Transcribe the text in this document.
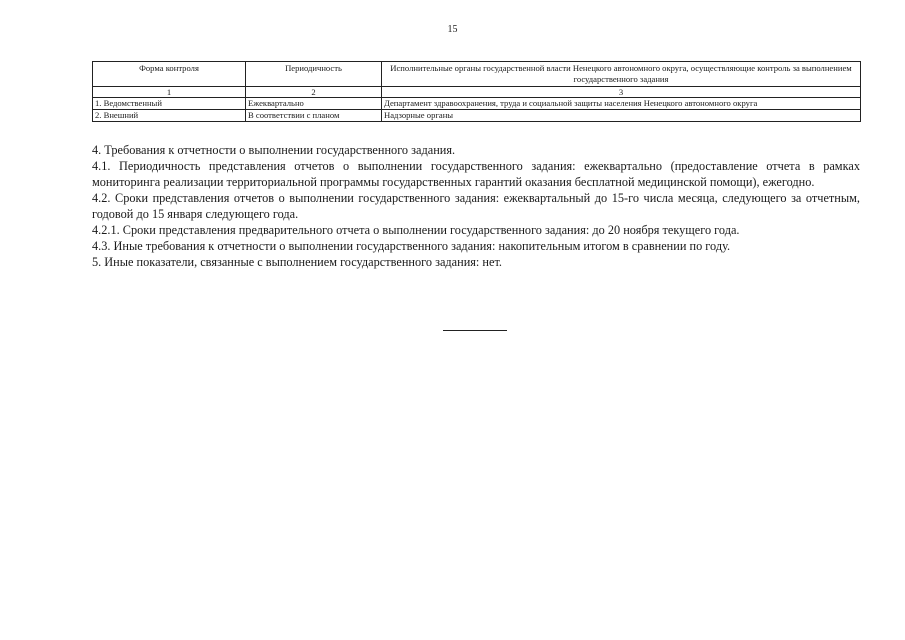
15
Форма контроля	Периодичность	Исполнительные органы государственной власти Ненецкого автономного округа, осуществляющие контроль за выполнением государственного задания
1	2	3
1. Ведомственный	Ежеквартально	Департамент здравоохранения, труда и социальной защиты населения Ненецкого автономного округа
2. Внешний	В соответствии с планом	Надзорные органы

4. Требования к отчетности о выполнении государственного задания.

4.1. Периодичность представления отчетов о выполнении государственного задания: ежеквартально (предоставление отчета в рамках мониторинга реализации территориальной программы государственных гарантий оказания бесплатной медицинской помощи), ежегодно.

4.2. Сроки представления отчетов о выполнении государственного задания: ежеквартальный до 15-го числа месяца, следующего за отчетным, годовой до 15 января следующего года.

4.2.1. Сроки представления предварительного отчета о выполнении государственного задания: до 20 ноября текущего года.

4.3. Иные требования к отчетности о выполнении государственного задания: накопительным итогом в сравнении по году.

5. Иные показатели, связанные с выполнением государственного задания: нет.
